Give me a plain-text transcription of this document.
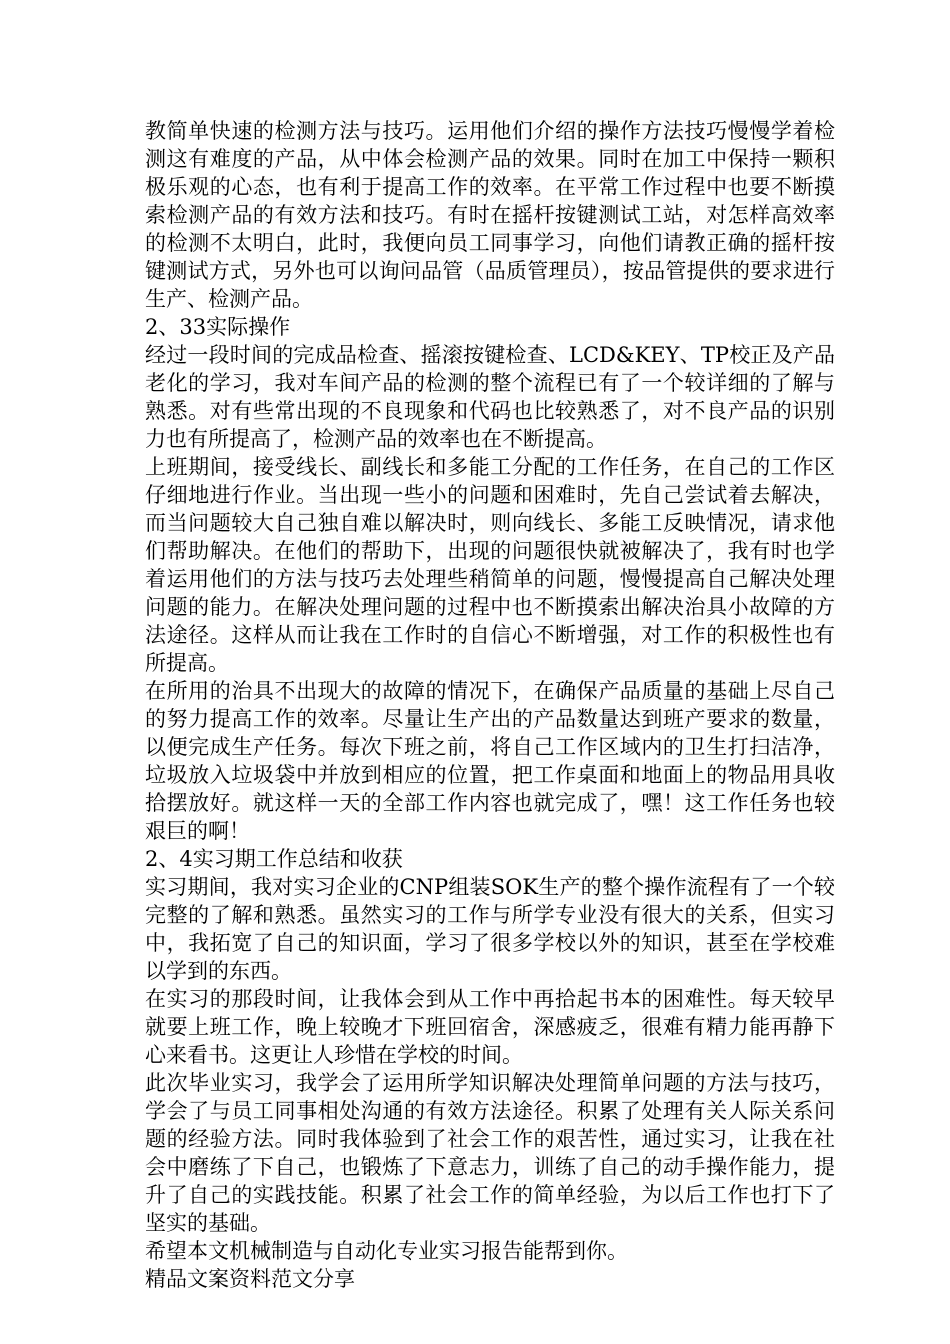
教简单快速的检测方法与技巧。运用他们介绍的操作方法技巧慢慢学着检测这有难度的产品，从中体会检测产品的效果。同时在加工中保持一颗积极乐观的心态，也有利于提高工作的效率。在平常工作过程中也要不断摸索检测产品的有效方法和技巧。有时在摇杆按键测试工站，对怎样高效率的检测不太明白，此时，我便向员工同事学习，向他们请教正确的摇杆按键测试方式，另外也可以询问品管（品质管理员），按品管提供的要求进行生产、检测产品。

2、33实际操作

经过一段时间的完成品检查、摇滚按键检查、LCD&KEY、TP校正及产品老化的学习，我对车间产品的检测的整个流程已有了一个较详细的了解与熟悉。对有些常出现的不良现象和代码也比较熟悉了，对不良产品的识别力也有所提高了，检测产品的效率也在不断提高。

上班期间，接受线长、副线长和多能工分配的工作任务，在自己的工作区仔细地进行作业。当出现一些小的问题和困难时，先自己尝试着去解决，而当问题较大自己独自难以解决时，则向线长、多能工反映情况，请求他们帮助解决。在他们的帮助下，出现的问题很快就被解决了，我有时也学着运用他们的方法与技巧去处理些稍简单的问题，慢慢提高自己解决处理问题的能力。在解决处理问题的过程中也不断摸索出解决治具小故障的方法途径。这样从而让我在工作时的自信心不断增强，对工作的积极性也有所提高。

在所用的治具不出现大的故障的情况下，在确保产品质量的基础上尽自己的努力提高工作的效率。尽量让生产出的产品数量达到班产要求的数量，以便完成生产任务。每次下班之前，将自己工作区域内的卫生打扫洁净，垃圾放入垃圾袋中并放到相应的位置，把工作桌面和地面上的物品用具收拾摆放好。就这样一天的全部工作内容也就完成了，嘿！这工作任务也较艰巨的啊！

2、4实习期工作总结和收获

实习期间，我对实习企业的CNP组装SOK生产的整个操作流程有了一个较完整的了解和熟悉。虽然实习的工作与所学专业没有很大的关系，但实习中，我拓宽了自己的知识面，学习了很多学校以外的知识，甚至在学校难以学到的东西。

在实习的那段时间，让我体会到从工作中再拾起书本的困难性。每天较早就要上班工作，晚上较晚才下班回宿舍，深感疲乏，很难有精力能再静下心来看书。这更让人珍惜在学校的时间。

此次毕业实习，我学会了运用所学知识解决处理简单问题的方法与技巧，学会了与员工同事相处沟通的有效方法途径。积累了处理有关人际关系问题的经验方法。同时我体验到了社会工作的艰苦性，通过实习，让我在社会中磨练了下自己，也锻炼了下意志力，训练了自己的动手操作能力，提升了自己的实践技能。积累了社会工作的简单经验，为以后工作也打下了坚实的基础。

希望本文机械制造与自动化专业实习报告能帮到你。

精品文案资料范文分享
